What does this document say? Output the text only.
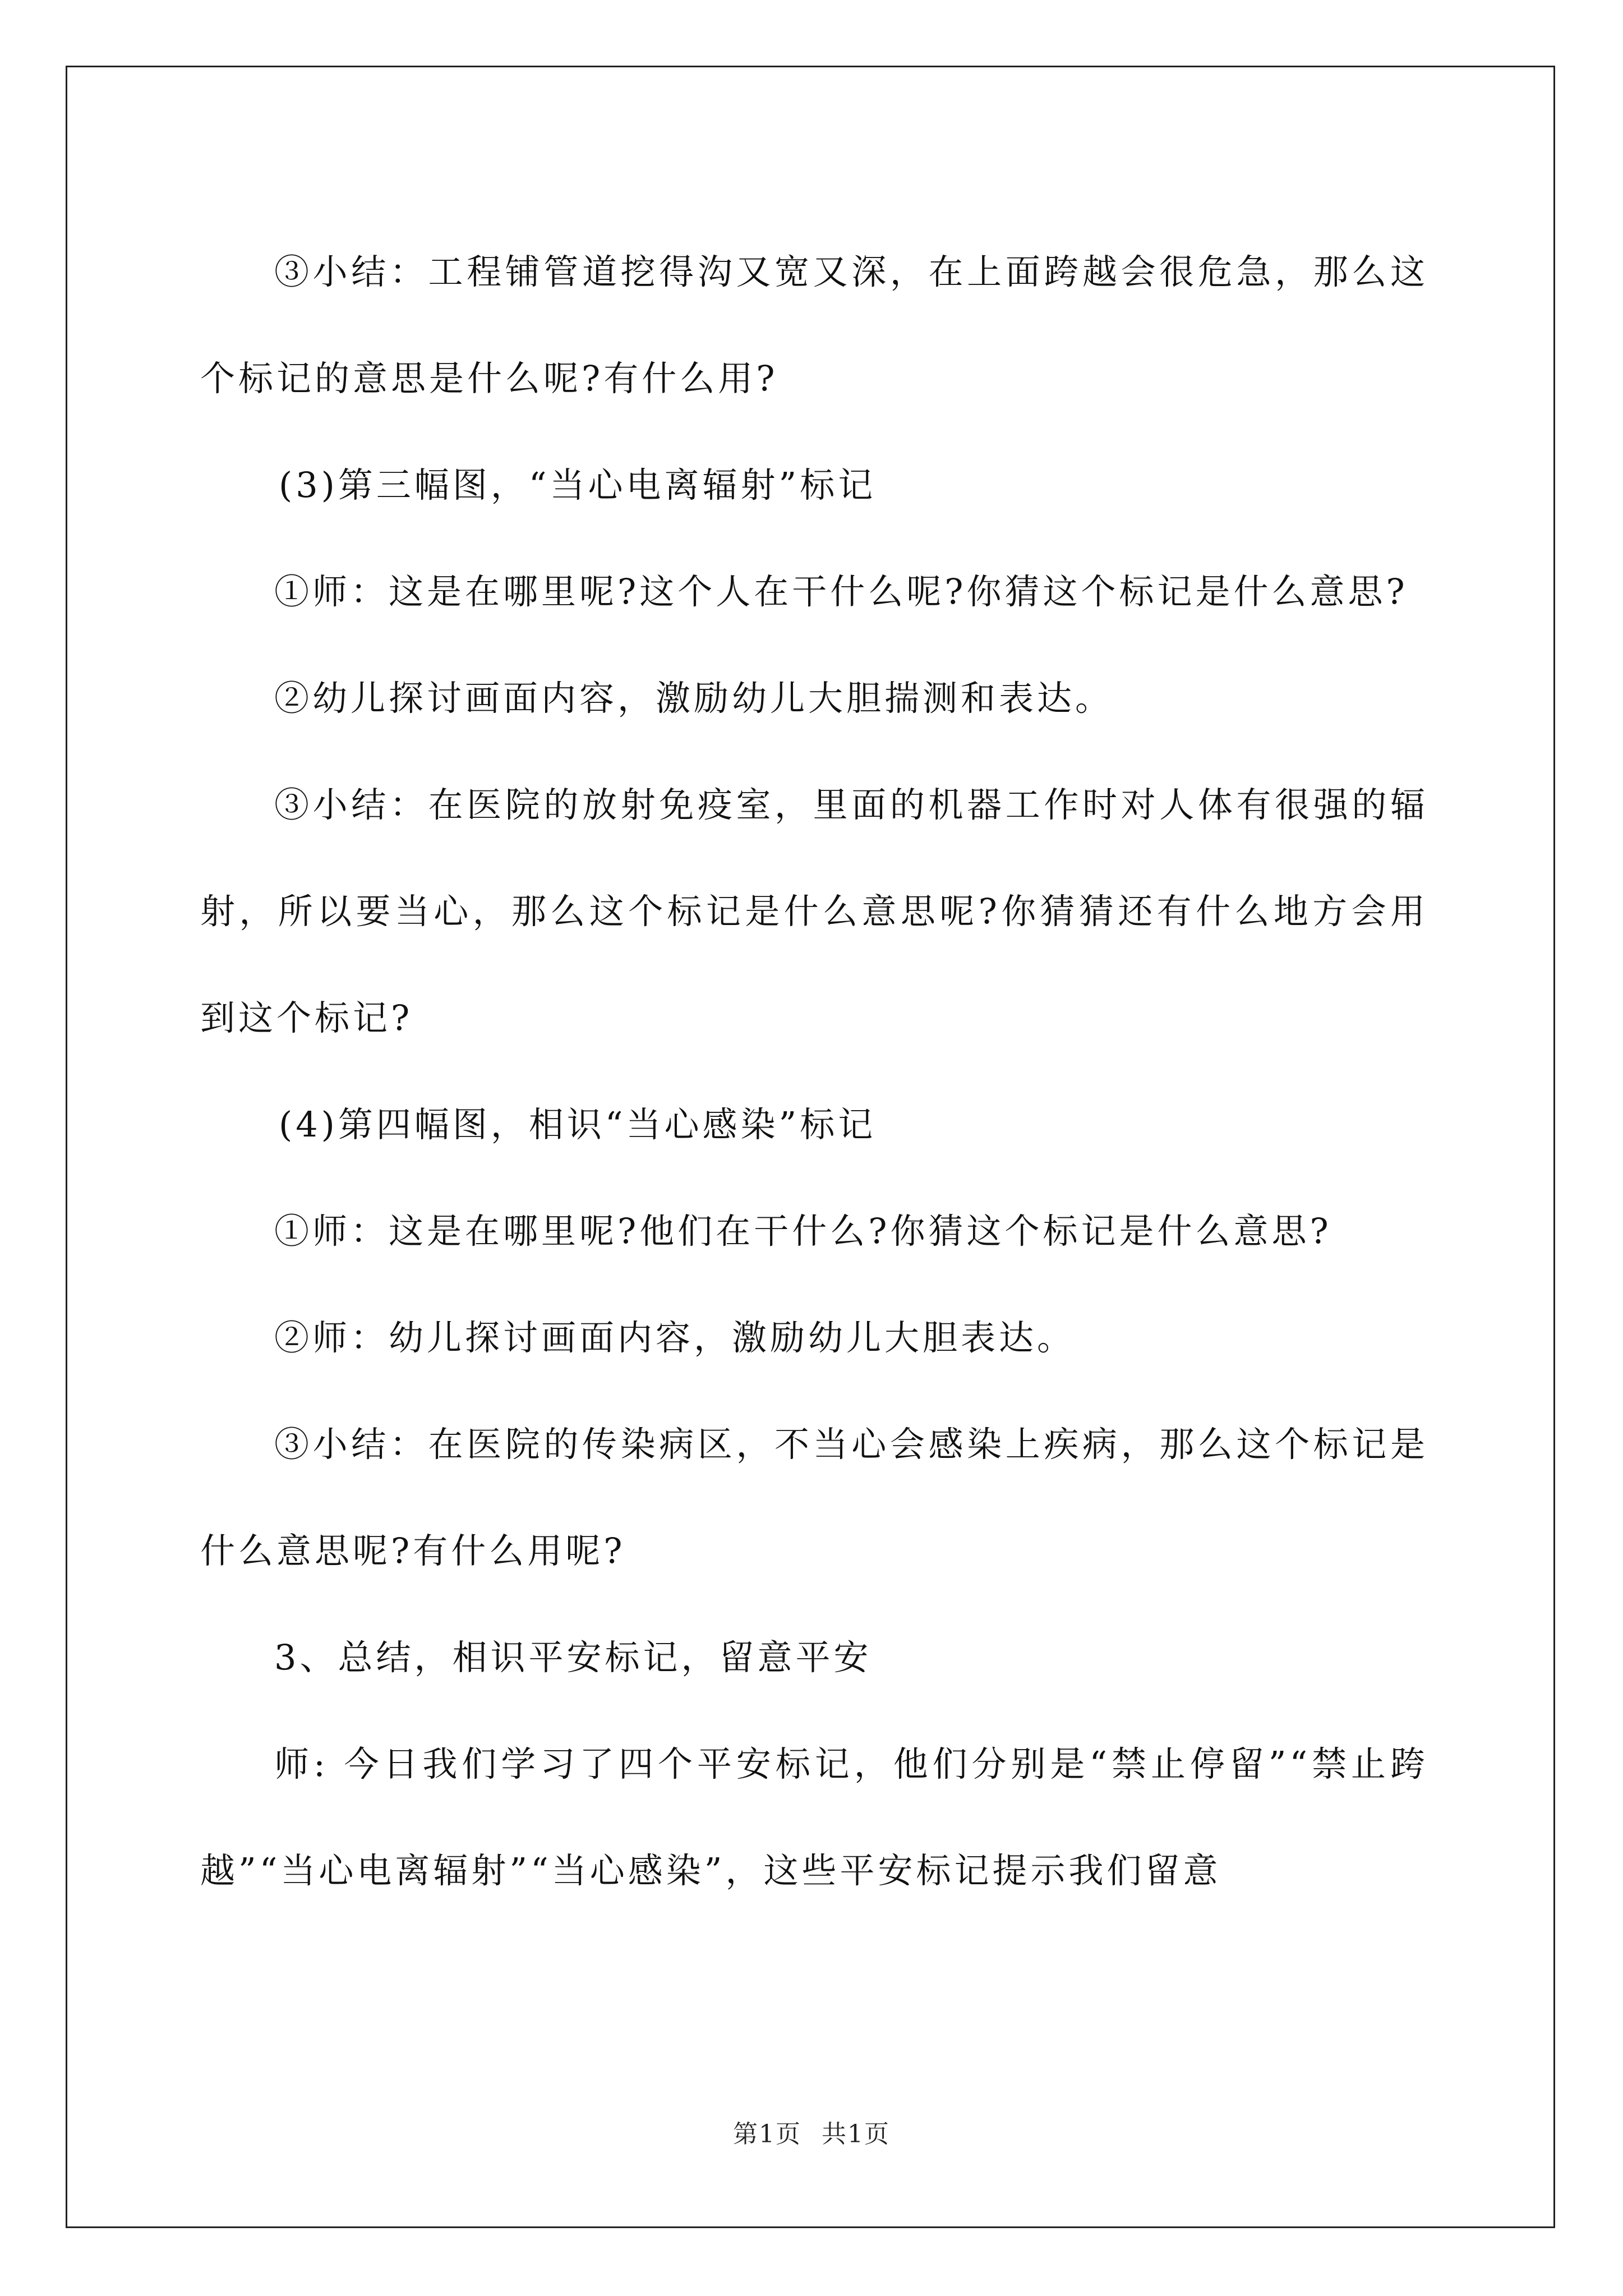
③小结：工程铺管道挖得沟又宽又深，在上面跨越会很危急，那么这个标记的意思是什么呢?有什么用?

(3)第三幅图，“当心电离辐射”标记

①师：这是在哪里呢?这个人在干什么呢?你猜这个标记是什么意思?

②幼儿探讨画面内容，激励幼儿大胆揣测和表达。

③小结：在医院的放射免疫室，里面的机器工作时对人体有很强的辐射，所以要当心，那么这个标记是什么意思呢?你猜猜还有什么地方会用到这个标记?

(4)第四幅图，相识“当心感染”标记

①师：这是在哪里呢?他们在干什么?你猜这个标记是什么意思?

②师：幼儿探讨画面内容，激励幼儿大胆表达。

③小结：在医院的传染病区，不当心会感染上疾病，那么这个标记是什么意思呢?有什么用呢?

3、总结，相识平安标记，留意平安

师: 今日我们学习了四个平安标记，他们分别是“禁止停留”“禁止跨越”“当心电离辐射”“当心感染”，这些平安标记提示我们留意

第1页 共1页
